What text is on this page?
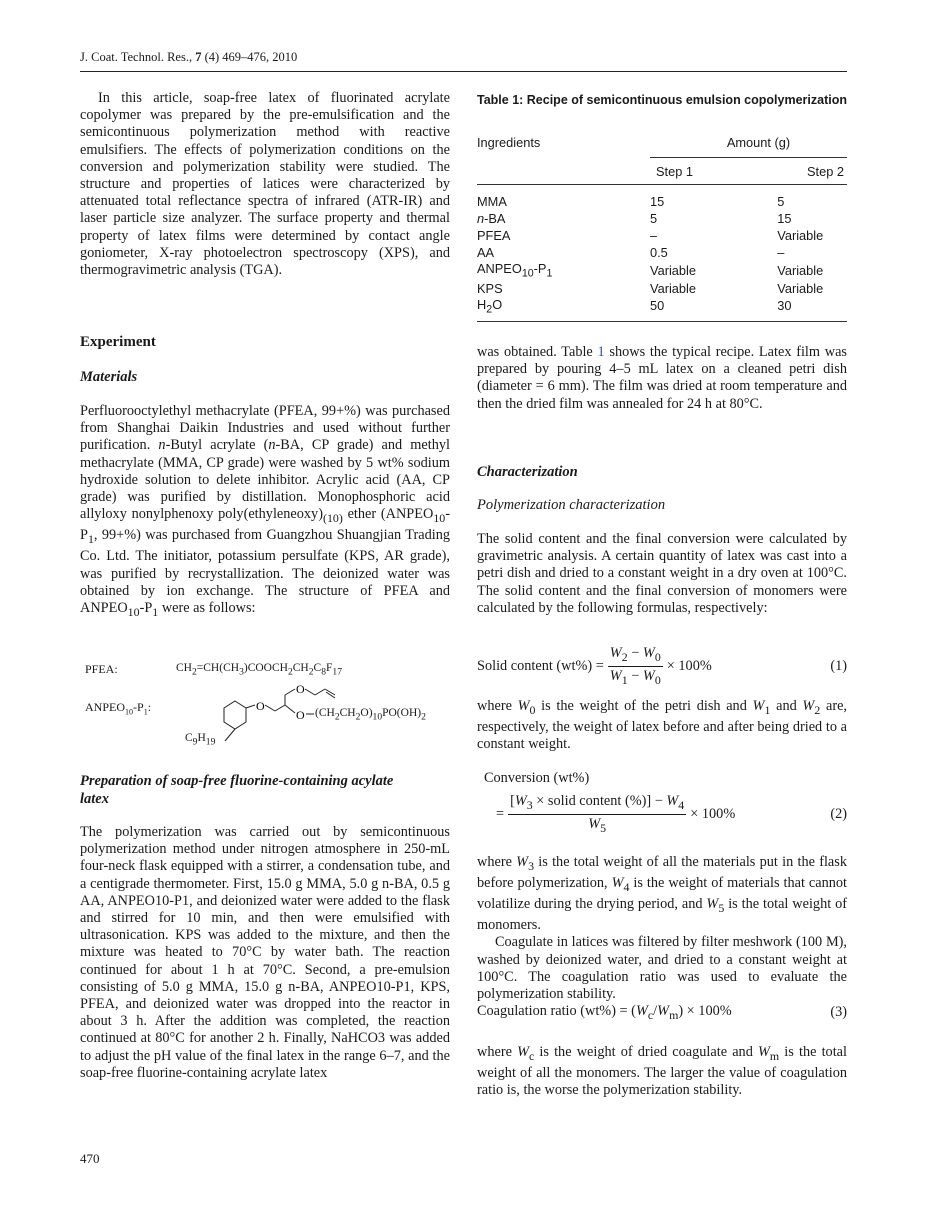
J. Coat. Technol. Res., 7 (4) 469–476, 2010

In this article, soap-free latex of fluorinated acrylate copolymer was prepared by the pre-emulsification and the semicontinuous polymerization method with reactive emulsifiers. The effects of polymerization conditions on the conversion and polymerization stability were studied. The structure and properties of latices were characterized by attenuated total reflectance spectra of infrared (ATR-IR) and laser particle size analyzer. The surface property and thermal property of latex films were determined by contact angle goniometer, X-ray photoelectron spectroscopy (XPS), and thermogravimetric analysis (TGA).

Experiment
Materials

Perfluorooctylethyl methacrylate (PFEA, 99+%) was purchased from Shanghai Daikin Industries and used without further purification. n-Butyl acrylate (n-BA, CP grade) and methyl methacrylate (MMA, CP grade) were washed by 5 wt% sodium hydroxide solution to delete inhibitor. Acrylic acid (AA, CP grade) was purified by distillation. Monophosphoric acid allyloxy nonylphenoxy $poly(ethyleneoxy)_{(10)}$ ether ($ANPEO_{10}-P_1$, 99+%) was purchased from Guangzhou Shuangjian Trading Co. Ltd. The initiator, potassium persulfate (KPS, AR grade), was purified by recrystallization. The deionized water was obtained by ion exchange. The structure of PFEA and $ANPEO_{10}-P_1$ were as follows:

PFEA:	$CH_2=CH(CH_3)COOCH_2CH_2C_8F_{17}$
$ANPEO_{10}-P_1$:	O
O
O $(CH_2CH_2O)_{10}PO(OH)_2$
$C_9H_{19}$
Preparation of soap-free fluorine-containing acylate latex

The polymerization was carried out by semicontinuous polymerization method under nitrogen atmosphere in 250-mL four-neck flask equipped with a stirrer, a condensation tube, and a centigrade thermometer. First, 15.0 g MMA, 5.0 g n-BA, 0.5 g AA, ANPEO10-P1, and deionized water were added to the flask and stirred for 10 min, and then were emulsified with ultrasonication. KPS was added to the mixture, and then the mixture was heated to 70°C by water bath. The reaction continued for about 1 h at 70°C. Second, a pre-emulsion consisting of 5.0 g MMA, 15.0 g n-BA, ANPEO10-P1, KPS, PFEA, and deionized water was dropped into the reactor in about 3 h. After the addition was completed, the reaction continued at 80°C for another 2 h. Finally, NaHCO3 was added to adjust the pH value of the final latex in the range 6–7, and the soap-free fluorine-containing acrylate latex

Table 1: Recipe of semicontinuous emulsion copolymerization
Ingredients	Amount (g)	

	Step 1	Step 2

MMA	15	5
n-BA	5	15
PFEA	–	Variable
AA	0.5	–
$ANPEO_{10}-P_1$	Variable	Variable
KPS	Variable	Variable
$H_2O$	50	30

was obtained. Table 1 shows the typical recipe. Latex film was prepared by pouring 4–5 mL latex on a cleaned petri dish (diameter = 6 mm). The film was dried at room temperature and then the dried film was annealed for 24 h at 80°C.

Characterization
Polymerization characterization

The solid content and the final conversion were calculated by gravimetric analysis. A certain quantity of latex was cast into a petri dish and dried to a constant weight in a dry oven at 100°C. The solid content and the final conversion of monomers were calculated by the following formulas, respectively:

Solid content $(wt\%) = \frac{W_2 - W_0}{W_1 - W_0} \times 100\%$	(1)

where $W_0$ is the weight of the petri dish and $W_1$ and $W_2$ are, respectively, the weight of latex before and after being dried to a constant weight.

Conversion (wt%)
= $\frac{[W_3 \times solid content (\%)] - W_4}{W_5} \times 100\%$	(2)

where $W_3$ is the total weight of all the materials put in the flask before polymerization, $W_4$ is the weight of materials that cannot volatilize during the drying period, and $W_5$ is the total weight of monomers.

Coagulate in latices was filtered by filter meshwork (100 M), washed by deionized water, and dried to a constant weight at 100°C. The coagulation ratio was used to evaluate the polymerization stability.

Coagulation ratio $(wt\%) = (W_c/W_m) \times 100\%$	(3)

where $W_c$ is the weight of dried coagulate and $W_m$ is the total weight of all the monomers. The larger the value of coagulation ratio is, the worse the polymerization stability.

470
